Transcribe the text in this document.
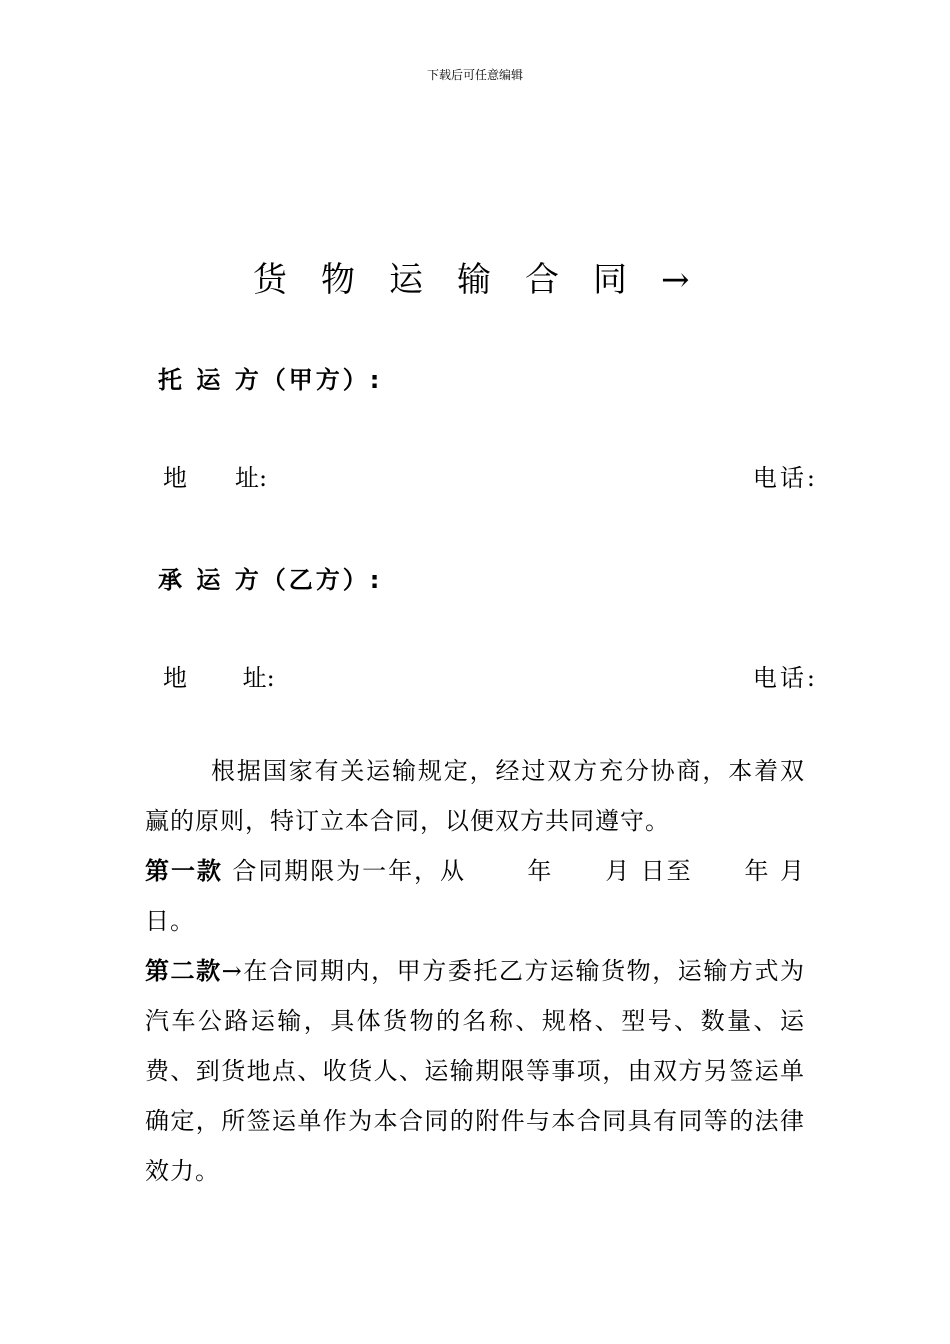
下载后可任意编辑
货物运输合同→
托 运 方（甲方）:
地　　址:	电话:
承 运 方（乙方）:
地　　 址:	电话:

根据国家有关运输规定，经过双方充分协商，本着双赢的原则，特订立本合同，以便双方共同遵守。

第一款 合同期限为一年，从　　 年　　月 日至　　年 月 日。

第二款→在合同期内，甲方委托乙方运输货物，运输方式为汽车公路运输，具体货物的名称、规格、型号、数量、运费、到货地点、收货人、运输期限等事项，由双方另签运单确定，所签运单作为本合同的附件与本合同具有同等的法律效力。
